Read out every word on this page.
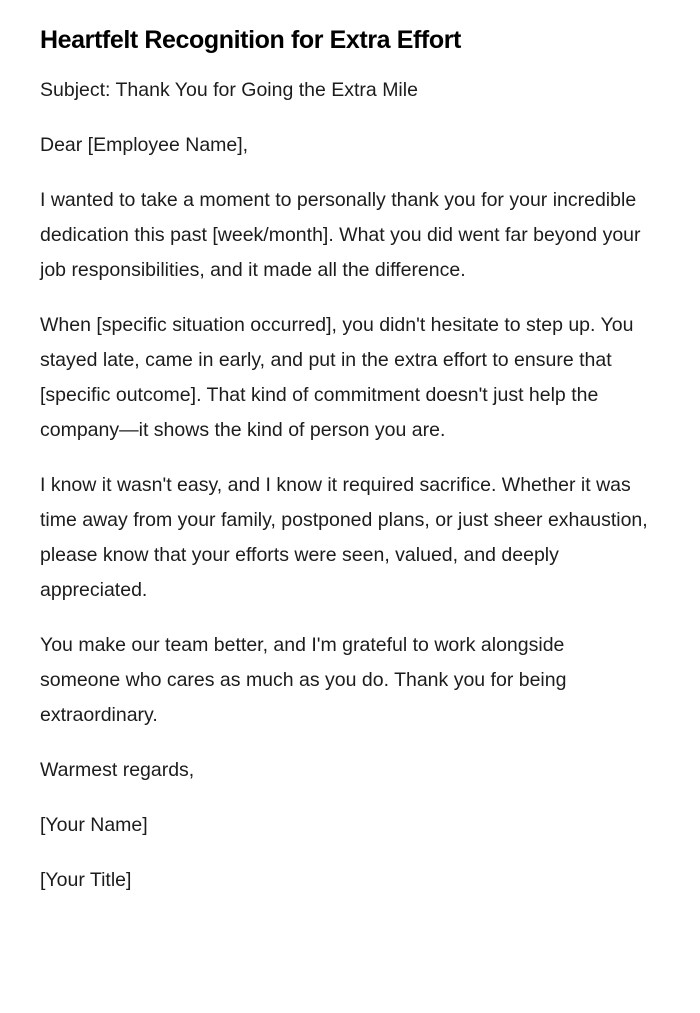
Heartfelt Recognition for Extra Effort

Subject: Thank You for Going the Extra Mile

Dear [Employee Name],

I wanted to take a moment to personally thank you for your incredible dedication this past [week/month]. What you did went far beyond your job responsibilities, and it made all the difference.

When [specific situation occurred], you didn't hesitate to step up. You stayed late, came in early, and put in the extra effort to ensure that [specific outcome]. That kind of commitment doesn't just help the company—it shows the kind of person you are.

I know it wasn't easy, and I know it required sacrifice. Whether it was time away from your family, postponed plans, or just sheer exhaustion, please know that your efforts were seen, valued, and deeply appreciated.

You make our team better, and I'm grateful to work alongside someone who cares as much as you do. Thank you for being extraordinary.

Warmest regards,

[Your Name]

[Your Title]
